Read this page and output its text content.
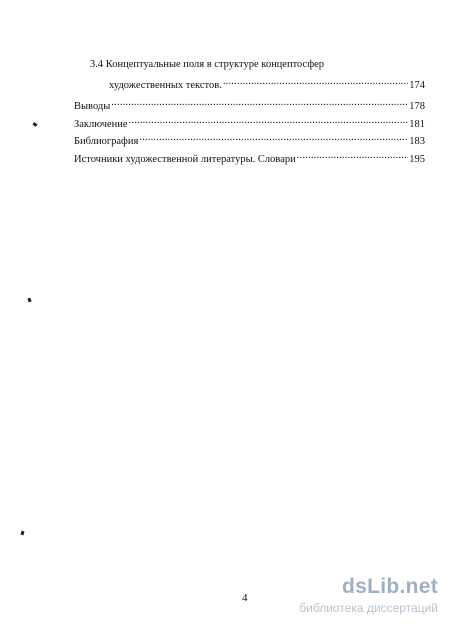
3.4 Концептуальные поля в структуре концептосфер
художественных текстов. .....	174
Выводы .....	178
Заключение .....	181
Библиография .....	183
Источники художественной литературы. Словари .....	195
4	dsLib.net
библиотека диссертаций
